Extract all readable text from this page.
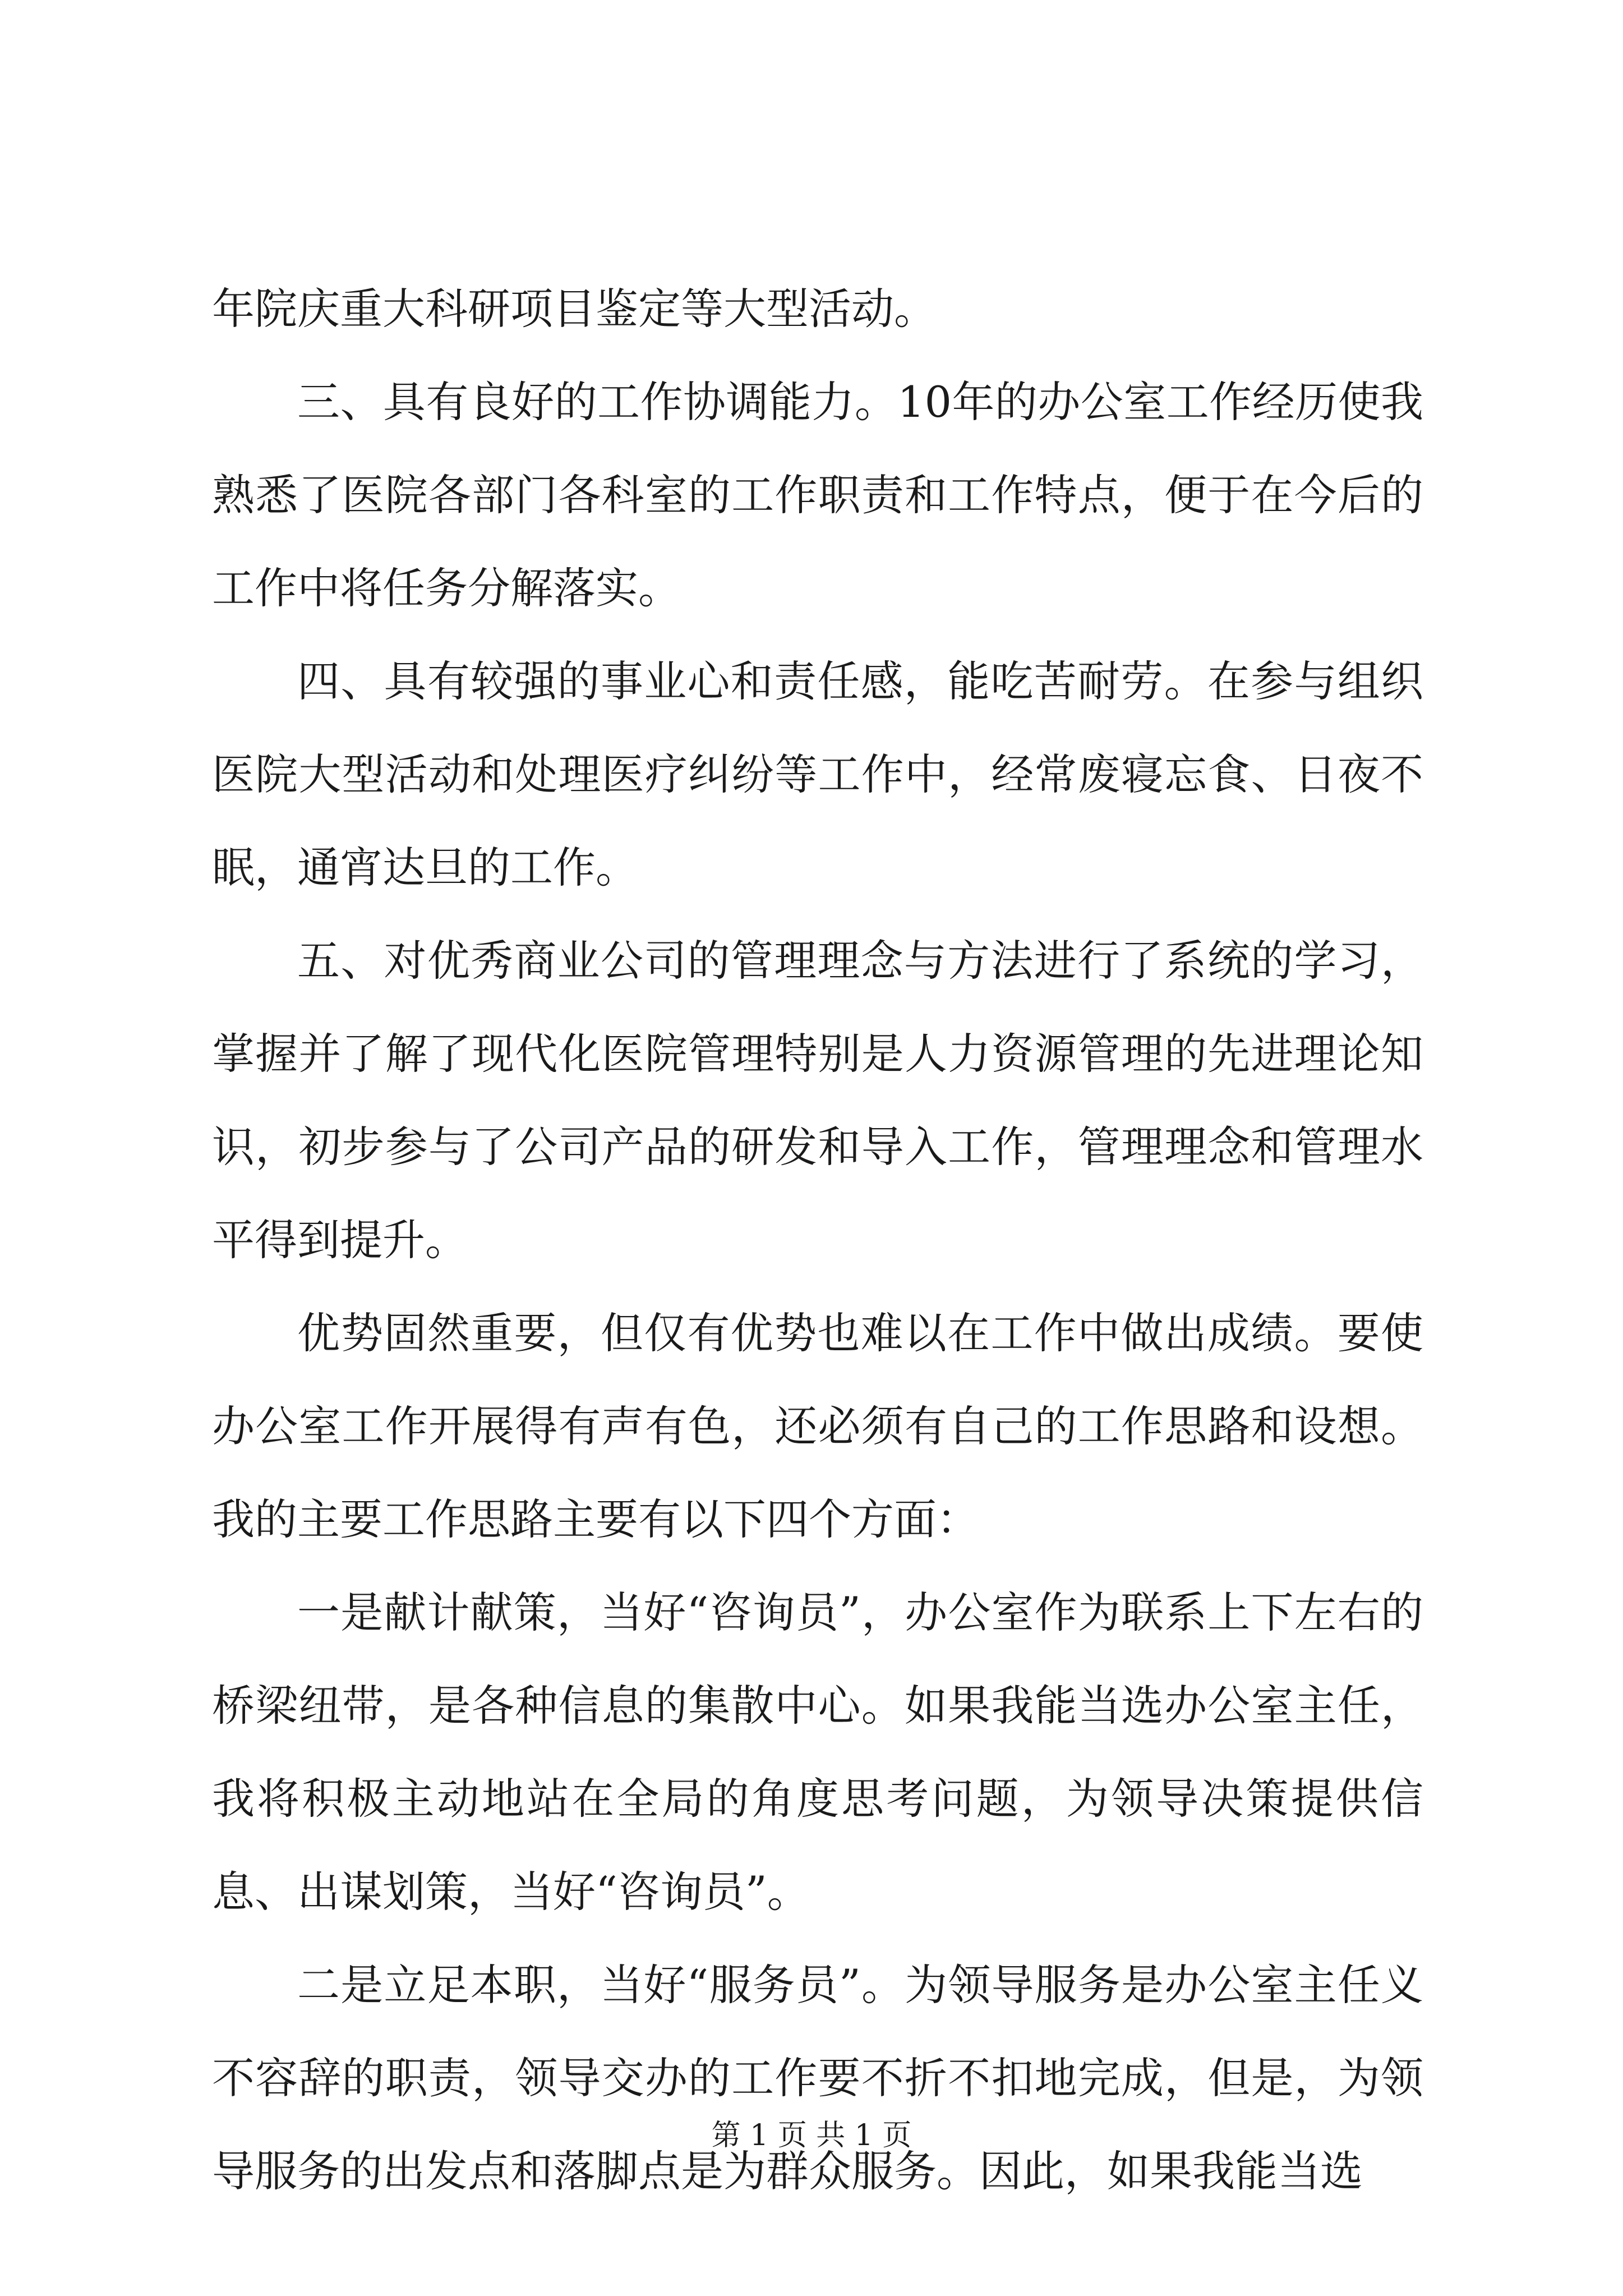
年院庆重大科研项目鉴定等大型活动。

三、具有良好的工作协调能力。10年的办公室工作经历使我熟悉了医院各部门各科室的工作职责和工作特点，便于在今后的工作中将任务分解落实。

四、具有较强的事业心和责任感，能吃苦耐劳。在参与组织医院大型活动和处理医疗纠纷等工作中，经常废寝忘食、日夜不眠，通宵达旦的工作。

五、对优秀商业公司的管理理念与方法进行了系统的学习，掌握并了解了现代化医院管理特别是人力资源管理的先进理论知识，初步参与了公司产品的研发和导入工作，管理理念和管理水平得到提升。

优势固然重要，但仅有优势也难以在工作中做出成绩。要使办公室工作开展得有声有色，还必须有自己的工作思路和设想。我的主要工作思路主要有以下四个方面：

一是献计献策，当好“咨询员”，办公室作为联系上下左右的桥梁纽带，是各种信息的集散中心。如果我能当选办公室主任，我将积极主动地站在全局的角度思考问题，为领导决策提供信息、出谋划策，当好“咨询员”。

二是立足本职，当好“服务员”。为领导服务是办公室主任义不容辞的职责，领导交办的工作要不折不扣地完成，但是，为领导服务的出发点和落脚点是为群众服务。因此，如果我能当选

第 1 页 共 1 页
